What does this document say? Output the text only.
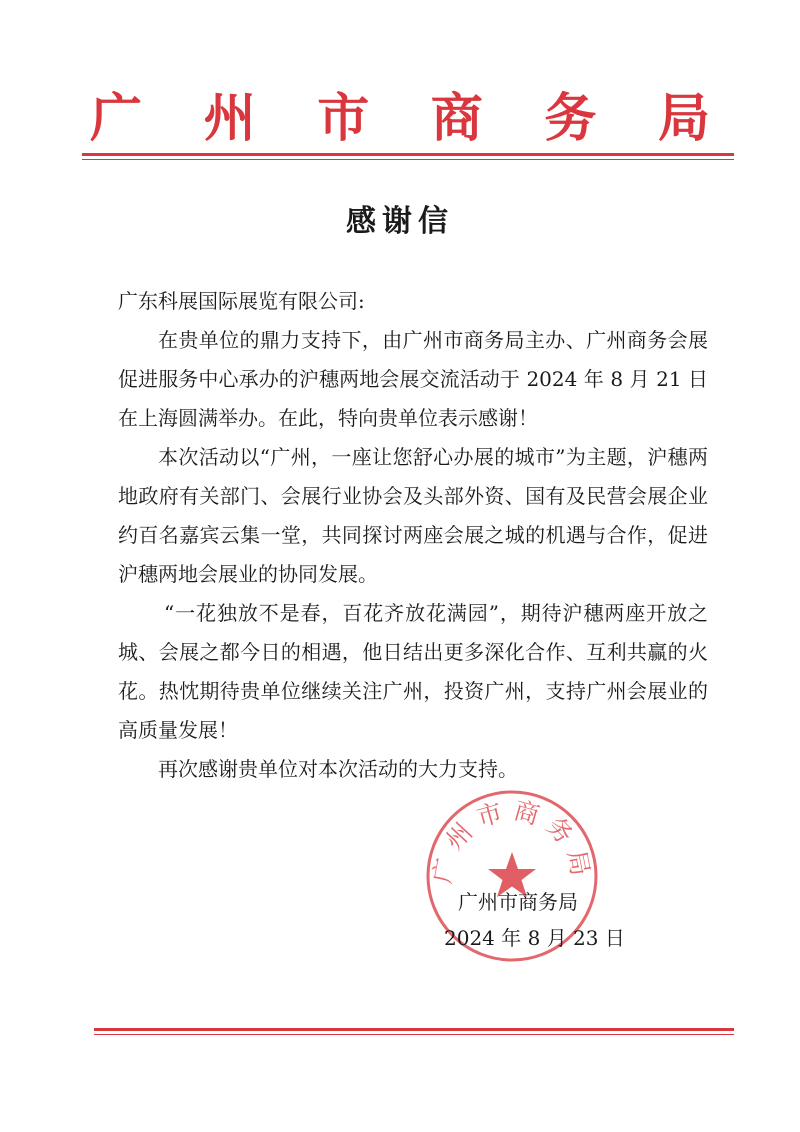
广 州 市 商 务 局
感谢信

广东科展国际展览有限公司:

在贵单位的鼎力支持下，由广州市商务局主办、广州商务会展促进服务中心承办的沪穗两地会展交流活动于 2024 年 8 月 21 日在上海圆满举办。在此，特向贵单位表示感谢！

本次活动以“广州，一座让您舒心办展的城市”为主题，沪穗两地政府有关部门、会展行业协会及头部外资、国有及民营会展企业约百名嘉宾云集一堂，共同探讨两座会展之城的机遇与合作，促进沪穗两地会展业的协同发展。

“一花独放不是春，百花齐放花满园”，期待沪穗两座开放之城、会展之都今日的相遇，他日结出更多深化合作、互利共赢的火花。热忱期待贵单位继续关注广州，投资广州，支持广州会展业的高质量发展！

再次感谢贵单位对本次活动的大力支持。

广州市商务局
广州市商务局
2024 年 8 月 23 日
